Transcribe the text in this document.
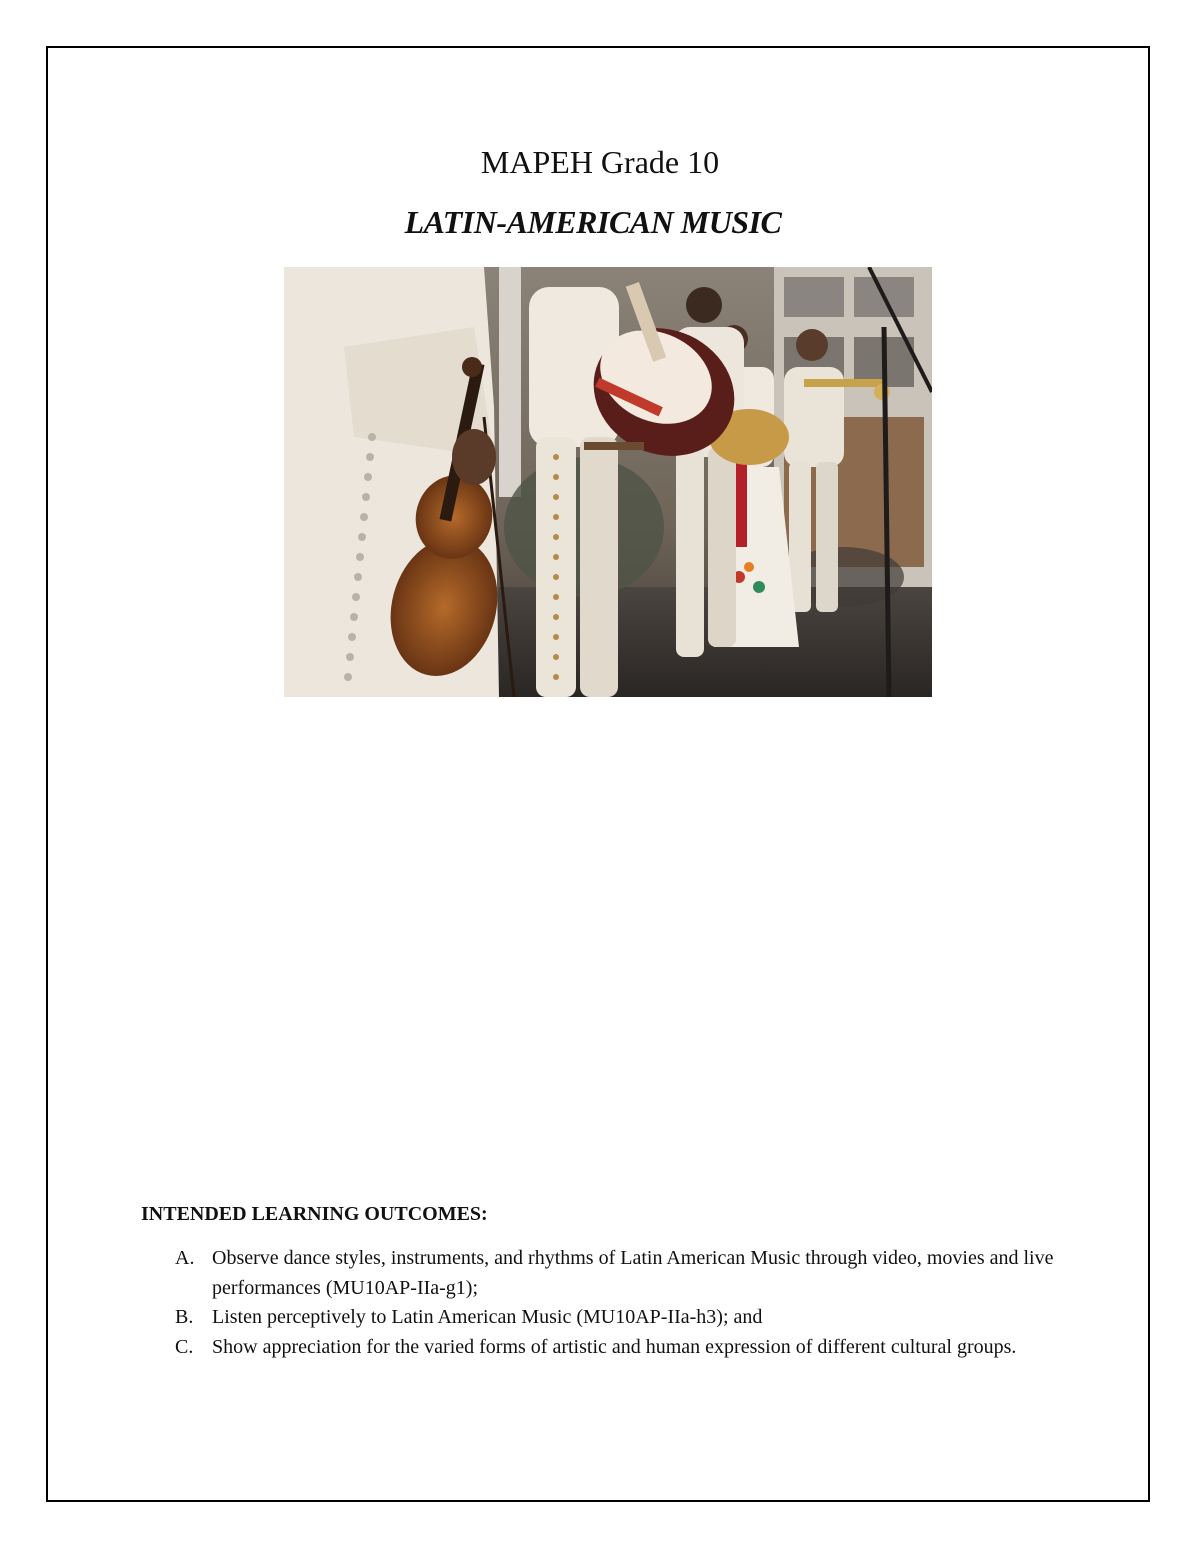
MAPEH Grade 10
LATIN-AMERICAN MUSIC
INTENDED LEARNING OUTCOMES:
A. Observe dance styles, instruments, and rhythms of Latin American Music through video, movies and live performances (MU10AP-IIa-g1);
B. Listen perceptively to Latin American Music (MU10AP-IIa-h3); and
C. Show appreciation for the varied forms of artistic and human expression of different cultural groups.
